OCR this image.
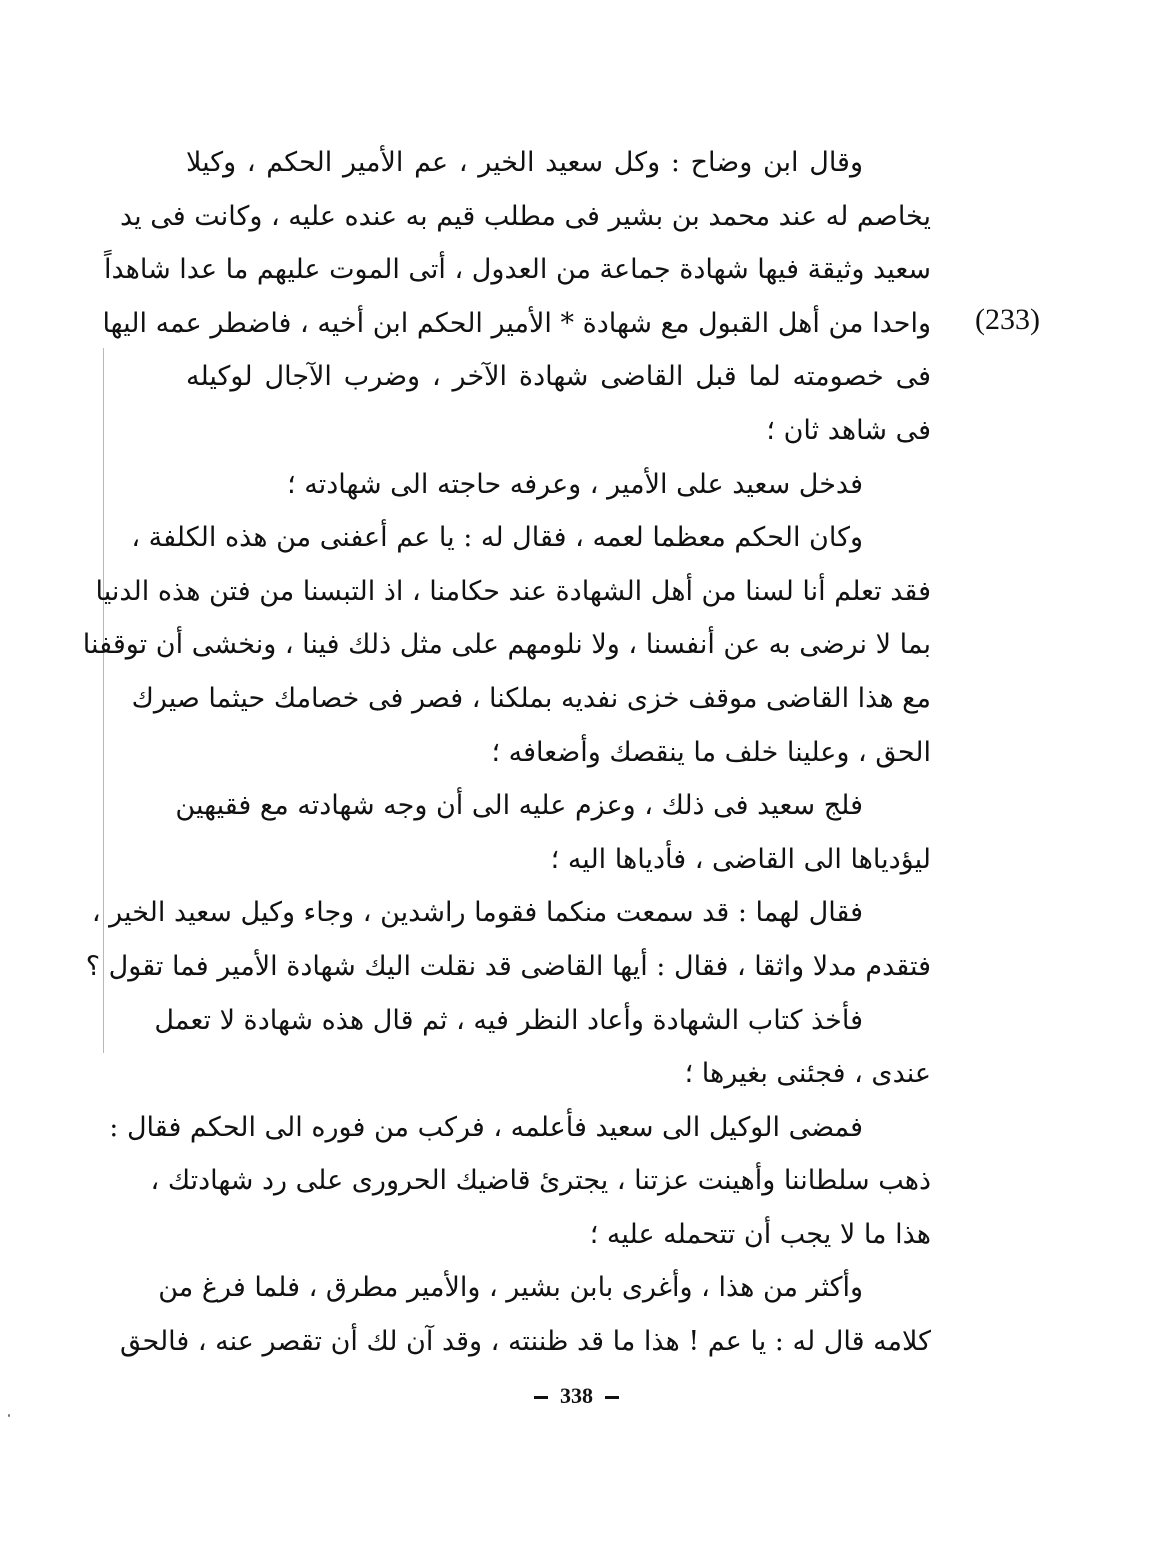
(233)
وقال ابن وضاح : وكل سعيد الخير ، عم الأمير الحكم ، وكيلا
يخاصم له عند محمد بن بشير فى مطلب قيم به عنده عليه ، وكانت فى يد
سعيد وثيقة فيها شهادة جماعة من العدول ، أتى الموت عليهم ما عدا شاهداً
واحدا من أهل القبول مع شهادة * الأمير الحكم ابن أخيه ، فاضطر عمه اليها
فى خصومته لما قبل القاضى شهادة الآخر ، وضرب الآجال لوكيله
فى شاهد ثان ؛
فدخل سعيد على الأمير ، وعرفه حاجته الى شهادته ؛
وكان الحكم معظما لعمه ، فقال له : يا عم أعفنى من هذه الكلفة ،
فقد تعلم أنا لسنا من أهل الشهادة عند حكامنا ، اذ التبسنا من فتن هذه الدنيا
بما لا نرضى به عن أنفسنا ، ولا نلومهم على مثل ذلك فينا ، ونخشى أن توقفنا
مع هذا القاضى موقف خزى نفديه بملكنا ، فصر فى خصامك حيثما صيرك
الحق ، وعلينا خلف ما ينقصك وأضعافه ؛
فلج سعيد فى ذلك ، وعزم عليه الى أن وجه شهادته مع فقيهين
ليؤدياها الى القاضى ، فأدياها اليه ؛
فقال لهما : قد سمعت منكما فقوما راشدين ، وجاء وكيل سعيد الخير ،
فتقدم مدلا واثقا ، فقال : أيها القاضى قد نقلت اليك شهادة الأمير فما تقول ؟
فأخذ كتاب الشهادة وأعاد النظر فيه ، ثم قال هذه شهادة لا تعمل
عندى ، فجئنى بغيرها ؛
فمضى الوكيل الى سعيد فأعلمه ، فركب من فوره الى الحكم فقال :
ذهب سلطاننا وأهينت عزتنا ، يجترئ قاضيك الحرورى على رد شهادتك ،
هذا ما لا يجب أن تتحمله عليه ؛
وأكثر من هذا ، وأغرى بابن بشير ، والأمير مطرق ، فلما فرغ من
كلامه قال له : يا عم ! هذا ما قد ظننته ، وقد آن لك أن تقصر عنه ، فالحق
338
